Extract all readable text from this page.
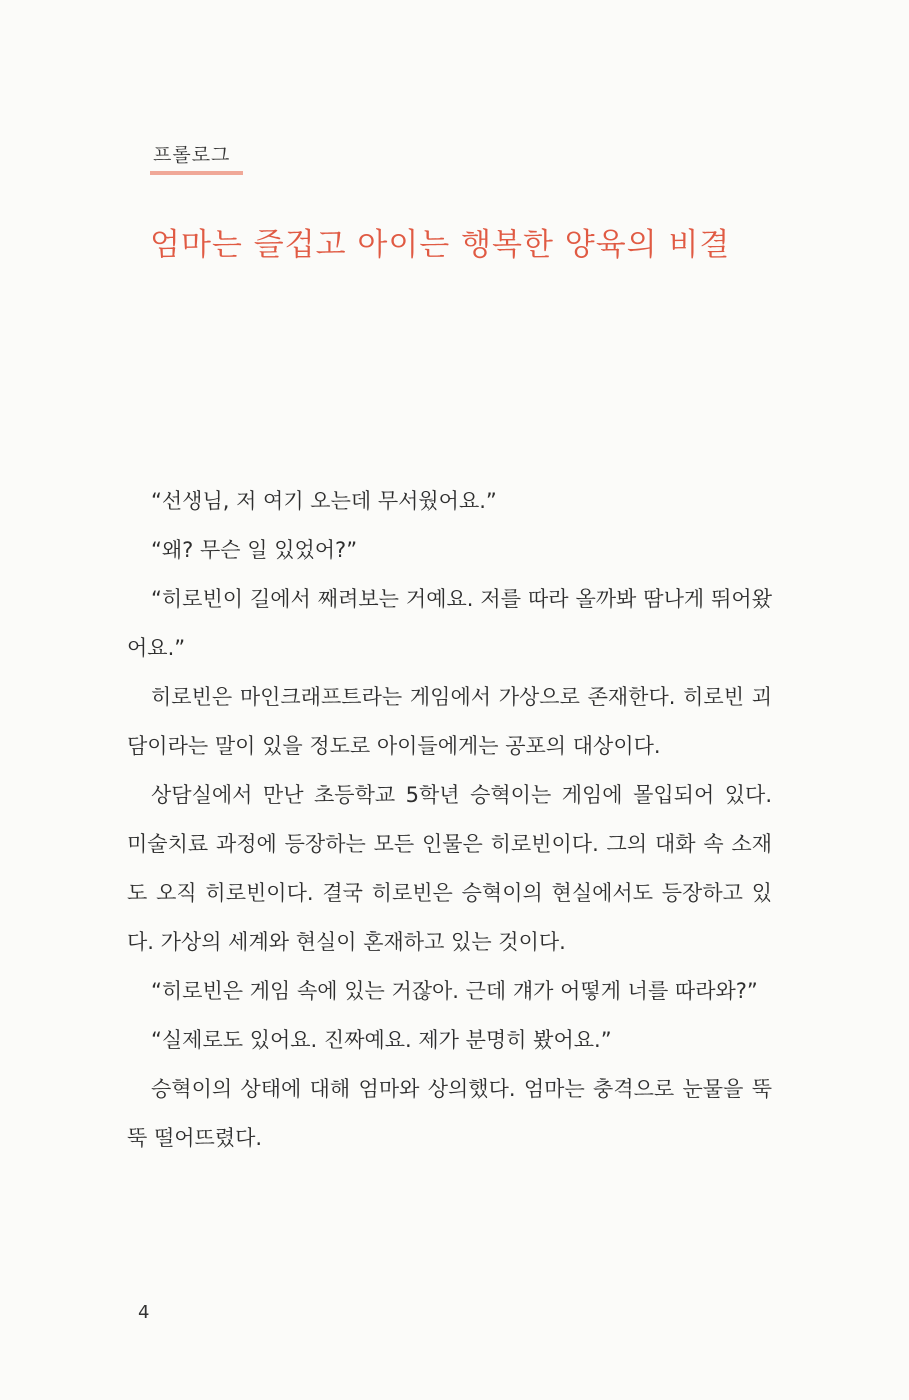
프롤로그
엄마는 즐겁고 아이는 행복한 양육의 비결

“선생님, 저 여기 오는데 무서웠어요.”

“왜? 무슨 일 있었어?”

“히로빈이 길에서 째려보는 거예요. 저를 따라 올까봐 땀나게 뛰어왔어요.”

히로빈은 마인크래프트라는 게임에서 가상으로 존재한다. 히로빈 괴담이라는 말이 있을 정도로 아이들에게는 공포의 대상이다.

상담실에서 만난 초등학교 5학년 승혁이는 게임에 몰입되어 있다. 미술치료 과정에 등장하는 모든 인물은 히로빈이다. 그의 대화 속 소재도 오직 히로빈이다. 결국 히로빈은 승혁이의 현실에서도 등장하고 있다. 가상의 세계와 현실이 혼재하고 있는 것이다.

“히로빈은 게임 속에 있는 거잖아. 근데 걔가 어떻게 너를 따라와?”

“실제로도 있어요. 진짜예요. 제가 분명히 봤어요.”

승혁이의 상태에 대해 엄마와 상의했다. 엄마는 충격으로 눈물을 뚝뚝 떨어뜨렸다.

4
